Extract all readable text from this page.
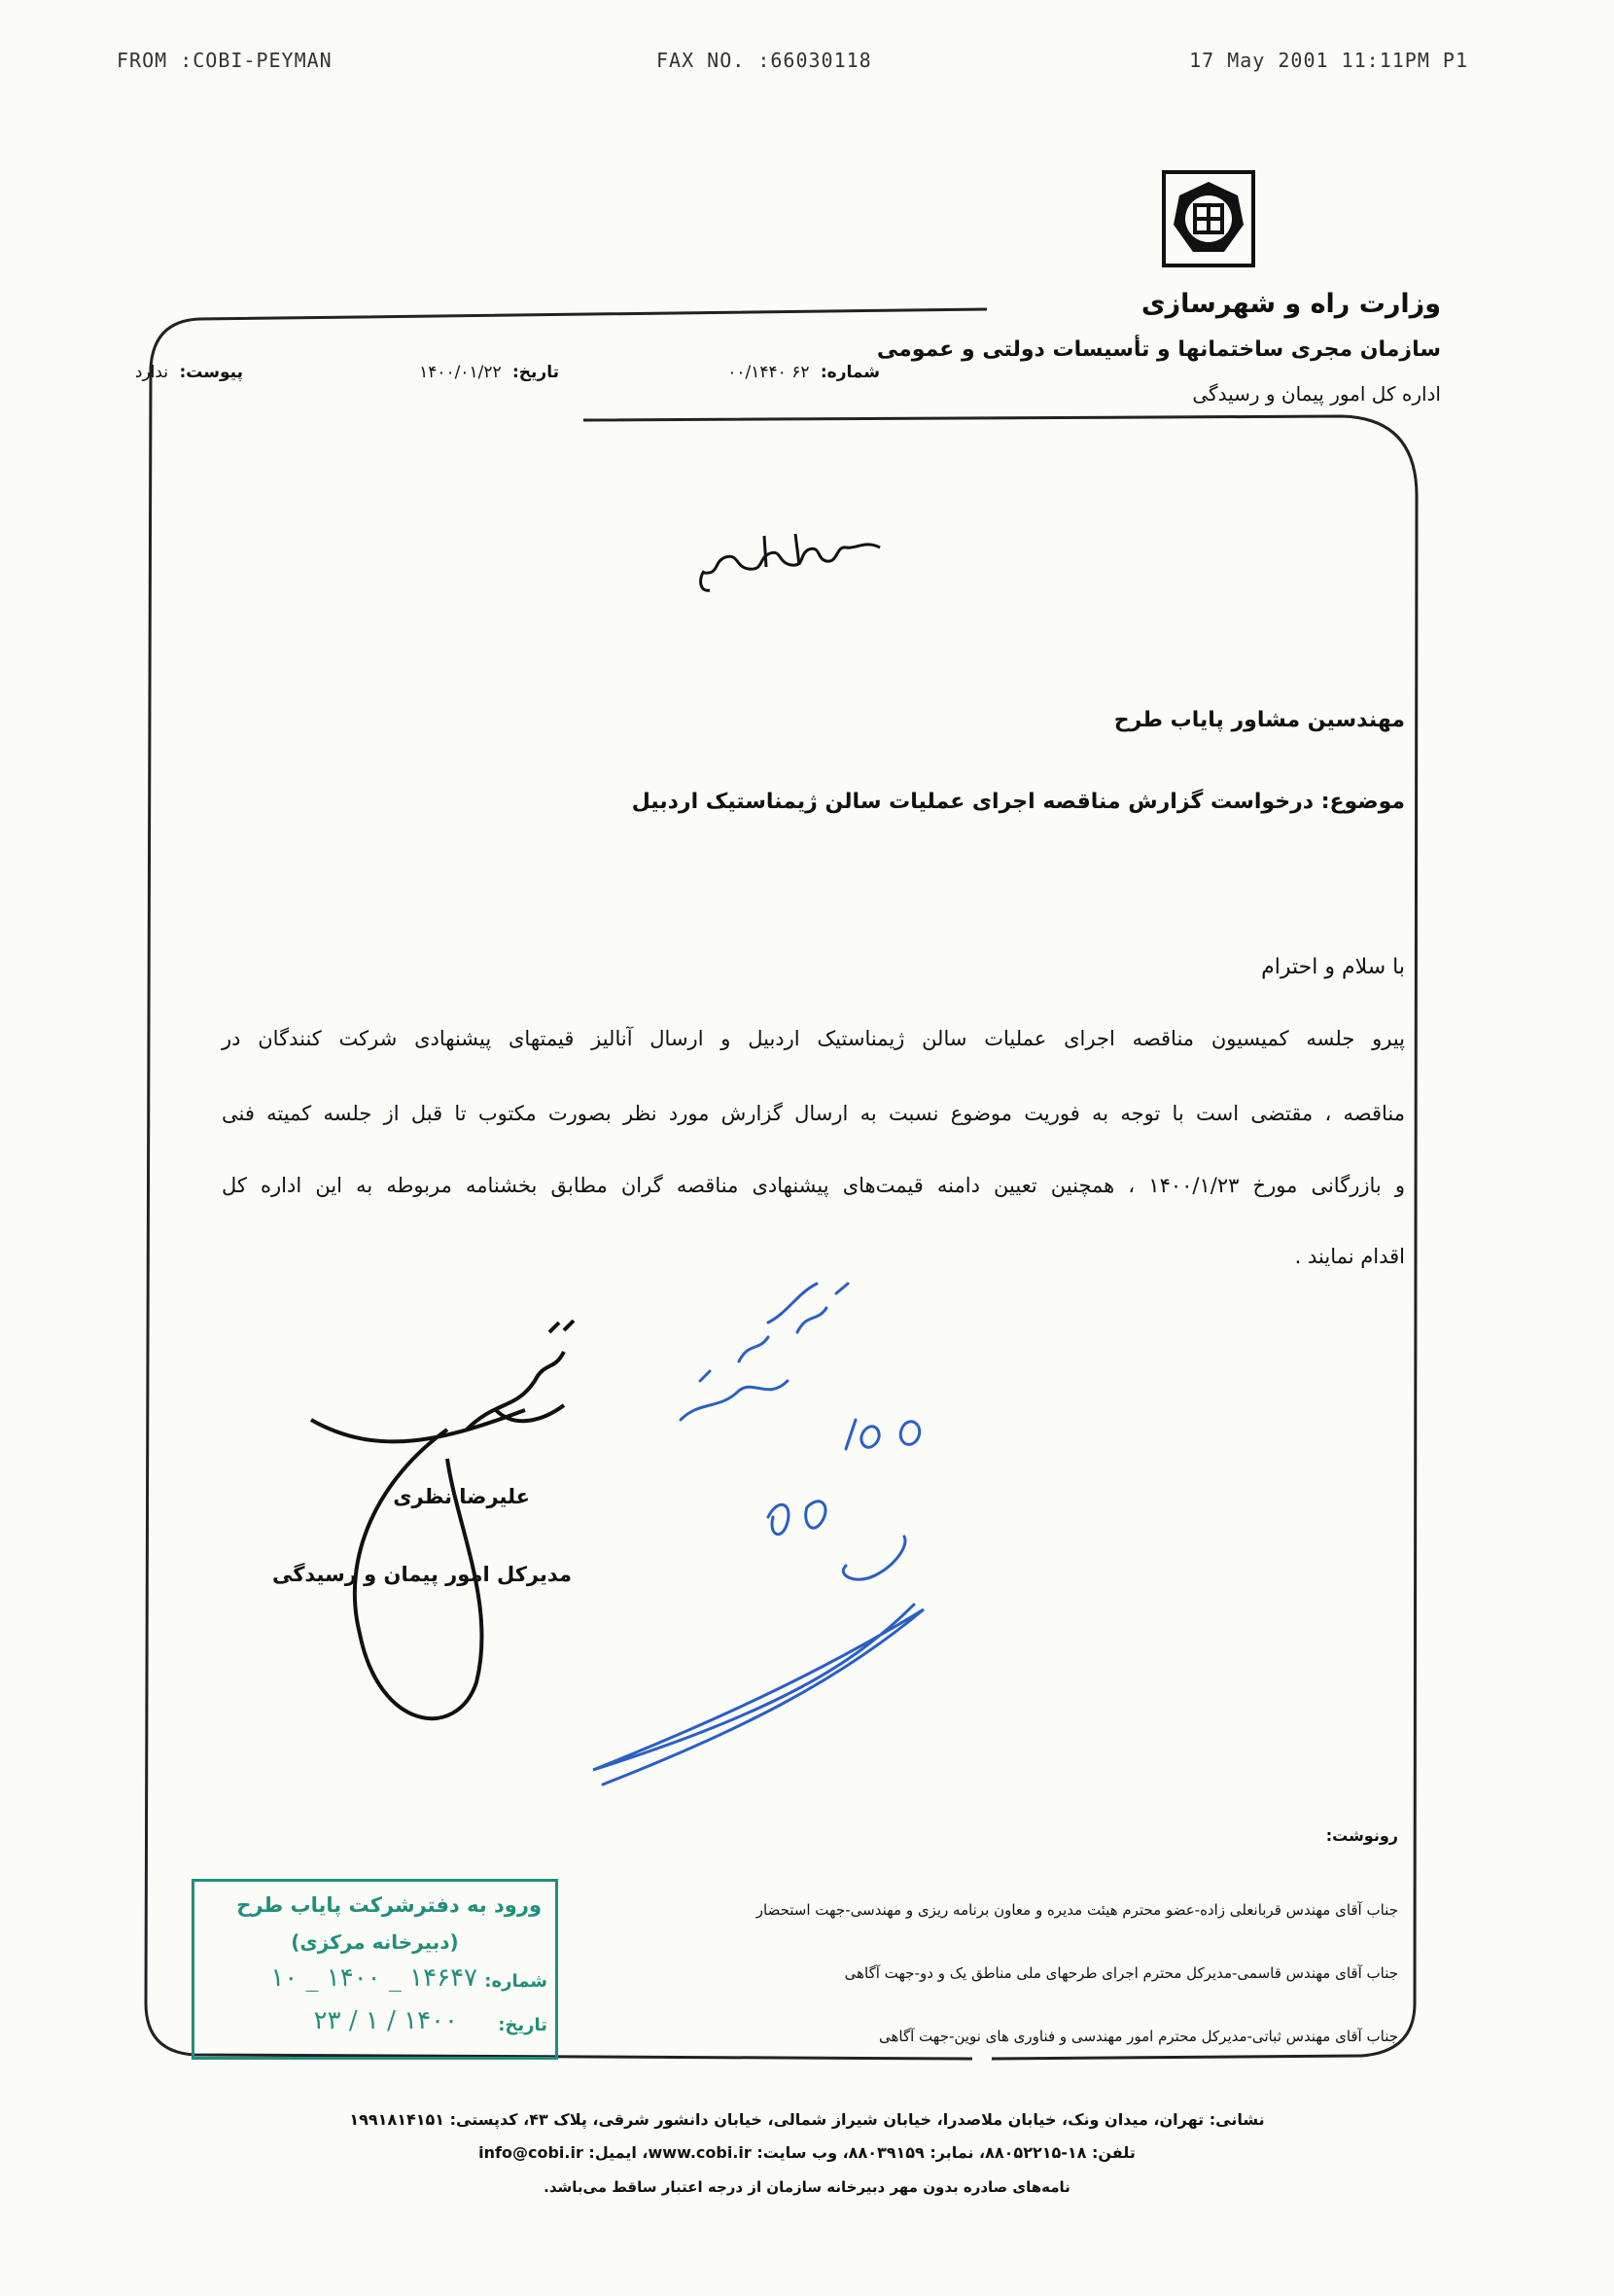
FROM :COBI-PEYMAN	FAX NO. :66030118	17 May 2001 11:11PM P1
وزارت راه و شهرسازی
سازمان مجری ساختمانها و تأسیسات دولتی و عمومی
اداره کل امور پیمان و رسیدگی
شماره: ۶۲ ۰۰/۱۴۴۰
تاریخ: ۱۴۰۰/۰۱/۲۲
پیوست: ندارد
مهندسین مشاور پایاب طرح
موضوع: درخواست گزارش مناقصه اجرای عملیات سالن ژیمناستیک اردبیل
با سلام و احترام
پیرو جلسه کمیسیون مناقصه اجرای عملیات سالن ژیمناستیک اردبیل و ارسال آنالیز قیمتهای پیشنهادی شرکت کنندگان در
مناقصه ، مقتضی است با توجه به فوریت موضوع نسبت به ارسال گزارش مورد نظر بصورت مکتوب تا قبل از جلسه کمیته فنی
و بازرگانی مورخ ۱۴۰۰/۱/۲۳ ، همچنین تعیین دامنه قیمت‌های پیشنهادی مناقصه گران مطابق بخشنامه مربوطه به این اداره کل
اقدام نمایند .
علیرضا نظری
مدیرکل امور پیمان و رسیدگی
رونوشت:
جناب آقای مهندس قربانعلی زاده-عضو محترم هیئت مدیره و معاون برنامه ریزی و مهندسی-جهت استحضار
جناب آقای مهندس قاسمی-مدیرکل محترم اجرای طرحهای ملی مناطق یک و دو-جهت آگاهی
جناب آقای مهندس ثباتی-مدیرکل محترم امور مهندسی و فناوری های نوین-جهت آگاهی
ورود به دفترشرکت پایاب طرح
(دبیرخانه مرکزی)
شماره:
۱۴۶۴۷ _ ۱۴۰۰ _ ۱۰
تاریخ:
۱۴۰۰ / ۱ / ۲۳
نشانی: تهران، میدان ونک، خیابان ملاصدرا، خیابان شیراز شمالی، خیابان دانشور شرقی، پلاک ۴۳، کدپستی: ۱۹۹۱۸۱۴۱۵۱
تلفن: ۱۸-۸۸۰۵۲۲۱۵، نمابر: ۸۸۰۳۹۱۵۹، وب سایت: www.cobi.ir، ایمیل: info@cobi.ir
نامه‌های صادره بدون مهر دبیرخانه سازمان از درجه اعتبار ساقط می‌باشد.
